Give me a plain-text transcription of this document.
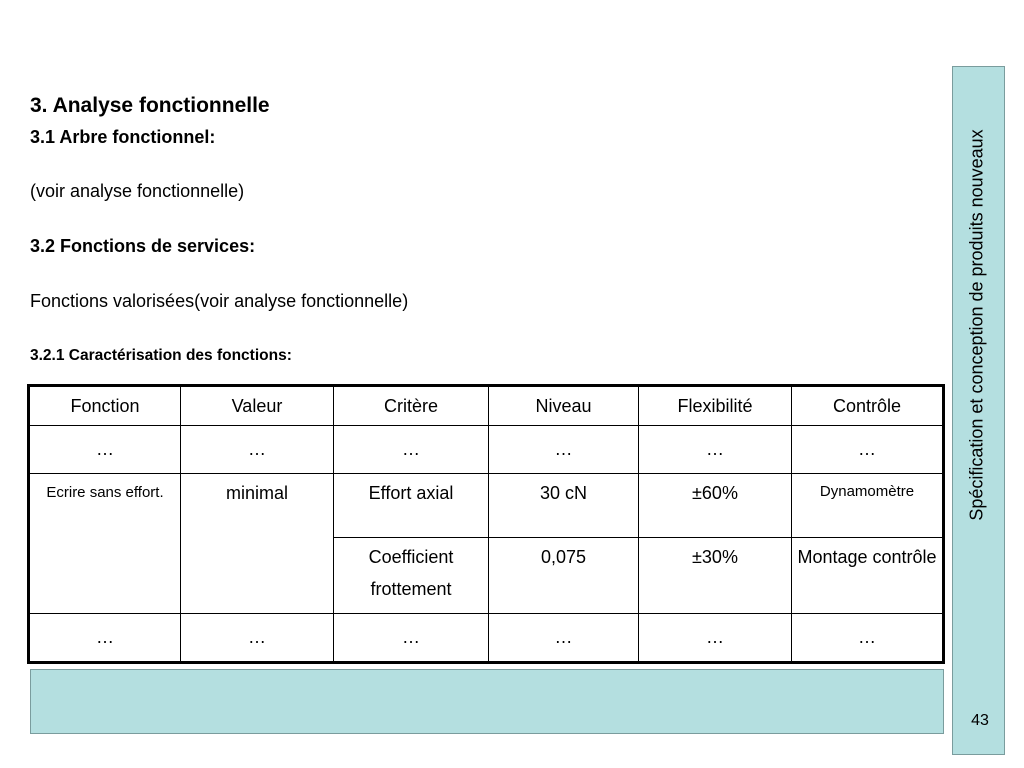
3. Analyse fonctionnelle
3.1 Arbre fonctionnel:
(voir analyse fonctionnelle)
3.2 Fonctions de services:
Fonctions valorisées(voir analyse fonctionnelle)
3.2.1 Caractérisation des fonctions:
Fonction	Valeur	Critère	Niveau	Flexibilité	Contrôle
…	…	…	…	…	…
Ecrire sans effort.	minimal	Effort axial	30 cN	±60%	Dynamomètre
		Coefficient frottement	0,075	±30%	Montage contrôle
…	…	…	…	…	…
Spécification et conception de produits nouveaux
43
